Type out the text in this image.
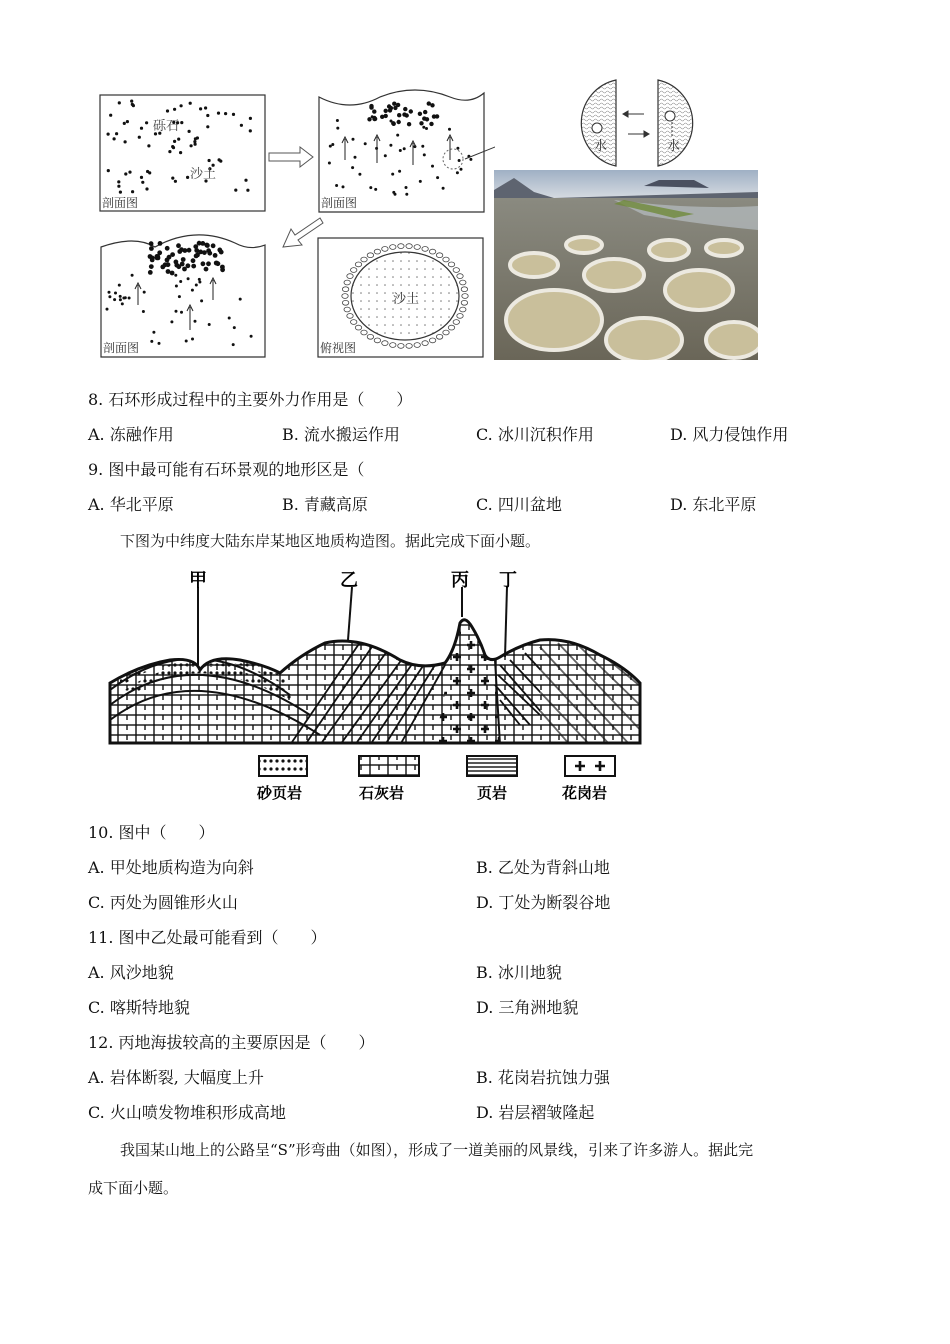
砾石
沙土
剖面图	剖面图
剖面图
沙土
俯视图
水	水
8. 石环形成过程中的主要外力作用是（　　）
A. 冻融作用	B. 流水搬运作用	C. 冰川沉积作用	D. 风力侵蚀作用
9. 图中最可能有石环景观的地形区是（
A. 华北平原	B. 青藏高原	C. 四川盆地	D. 东北平原
下图为中纬度大陆东岸某地区地质构造图。据此完成下面小题。
甲	乙	丙 丁
砂页岩	石灰岩	页岩	花岗岩
10. 图中（　　）
A. 甲处地质构造为向斜	B. 乙处为背斜山地
C. 丙处为圆锥形火山	D. 丁处为断裂谷地
11. 图中乙处最可能看到（　　）
A. 风沙地貌	B. 冰川地貌
C. 喀斯特地貌	D. 三角洲地貌
12. 丙地海拔较高的主要原因是（　　）
A. 岩体断裂, 大幅度上升	B. 花岗岩抗蚀力强
C. 火山喷发物堆积形成高地	D. 岩层褶皱隆起
我国某山地上的公路呈“S”形弯曲（如图），形成了一道美丽的风景线，引来了许多游人。据此完
成下面小题。
